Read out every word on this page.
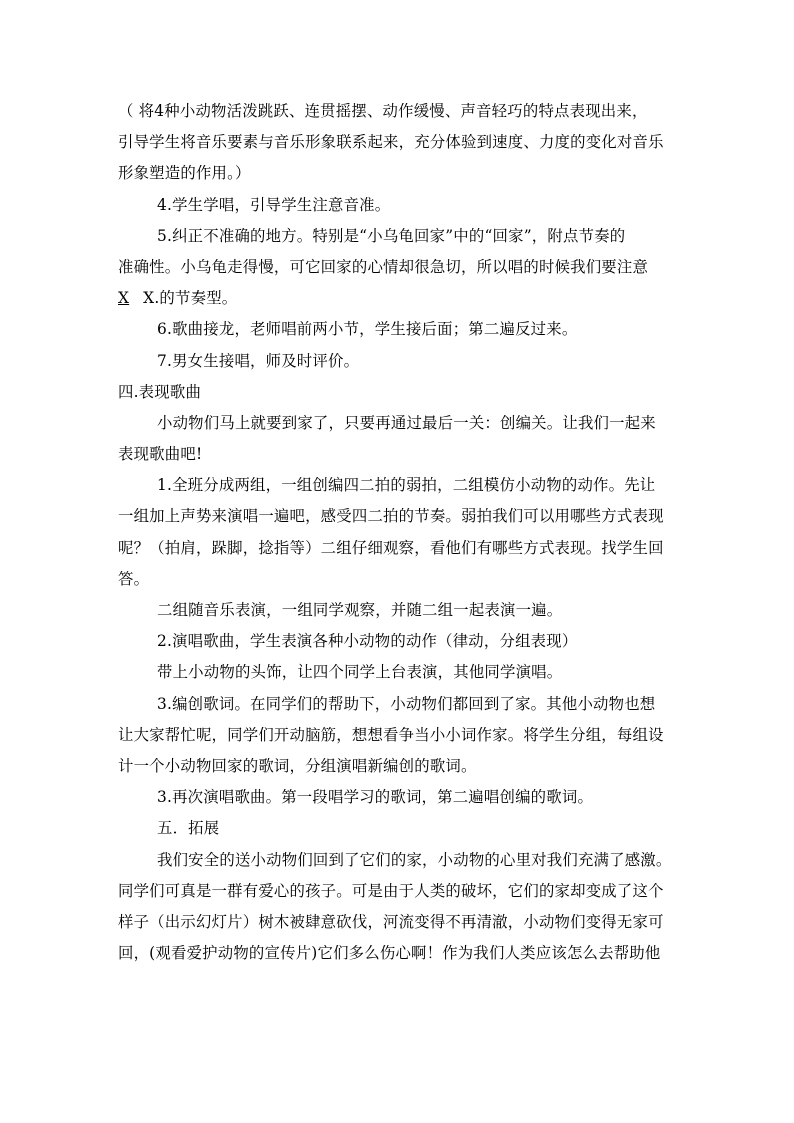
（ 将4种小动物活泼跳跃、连贯摇摆、动作缓慢、声音轻巧的特点表现出来，
引导学生将音乐要素与音乐形象联系起来，充分体验到速度、力度的变化对音乐
形象塑造的作用。）
4.学生学唱，引导学生注意音准。
5.纠正不准确的地方。特别是“小乌龟回家”中的“回家”，附点节奏的
准确性。小乌龟走得慢，可它回家的心情却很急切，所以唱的时候我们要注意
X X.的节奏型。
6.歌曲接龙，老师唱前两小节，学生接后面；第二遍反过来。
7.男女生接唱，师及时评价。
四.表现歌曲
小动物们马上就要到家了，只要再通过最后一关：创编关。让我们一起来
表现歌曲吧!
1.全班分成两组，一组创编四二拍的弱拍，二组模仿小动物的动作。先让
一组加上声势来演唱一遍吧，感受四二拍的节奏。弱拍我们可以用哪些方式表现
呢？（拍肩，跺脚，捻指等）二组仔细观察，看他们有哪些方式表现。找学生回
答。
二组随音乐表演，一组同学观察，并随二组一起表演一遍。
2.演唱歌曲，学生表演各种小动物的动作（律动，分组表现）
带上小动物的头饰，让四个同学上台表演，其他同学演唱。
3.编创歌词。在同学们的帮助下，小动物们都回到了家。其他小动物也想
让大家帮忙呢，同学们开动脑筋，想想看争当小小词作家。将学生分组，每组设
计一个小动物回家的歌词，分组演唱新编创的歌词。
3.再次演唱歌曲。第一段唱学习的歌词，第二遍唱创编的歌词。
五．拓展
我们安全的送小动物们回到了它们的家，小动物的心里对我们充满了感激。
同学们可真是一群有爱心的孩子。可是由于人类的破坏，它们的家却变成了这个
样子（出示幻灯片）树木被肆意砍伐，河流变得不再清澈，小动物们变得无家可
回，(观看爱护动物的宣传片)它们多么伤心啊！作为我们人类应该怎么去帮助他
